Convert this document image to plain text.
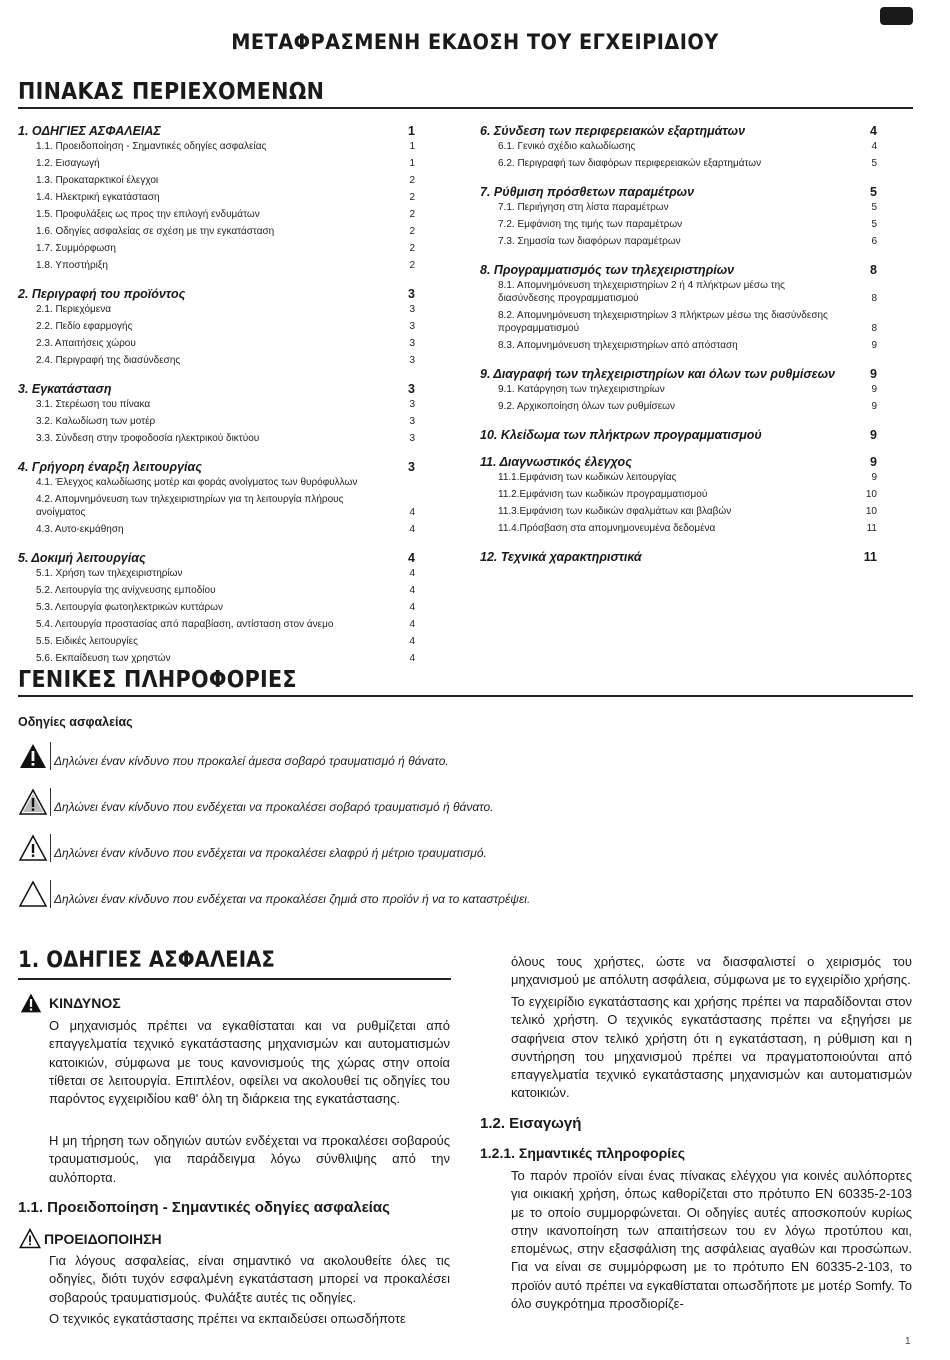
ΜΕΤΑΦΡΑΣΜΕΝΗ ΕΚΔΟΣΗ ΤΟΥ ΕΓΧΕΙΡΙΔΙΟΥ
ΠΙΝΑΚΑΣ ΠΕΡΙΕΧΟΜΕΝΩΝ
1. ΟΔΗΓΙΕΣ ΑΣΦΑΛΕΙΑΣ	1
1.1. Προειδοποίηση - Σημαντικές οδηγίες ασφαλείας	1
1.2. Εισαγωγή	1
1.3. Προκαταρκτικοί έλεγχοι	2
1.4. Ηλεκτρική εγκατάσταση	2
1.5. Προφυλάξεις ως προς την επιλογή ενδυμάτων	2
1.6. Οδηγίες ασφαλείας σε σχέση με την εγκατάσταση	2
1.7. Συμμόρφωση	2
1.8. Υποστήριξη	2
2. Περιγραφή του προϊόντος	3
2.1. Περιεχόμενα	3
2.2. Πεδίο εφαρμογής	3
2.3. Απαιτήσεις χώρου	3
2.4. Περιγραφή της διασύνδεσης	3
3. Εγκατάσταση	3
3.1. Στερέωση του πίνακα	3
3.2. Καλωδίωση των μοτέρ	3
3.3. Σύνδεση στην τροφοδοσία ηλεκτρικού δικτύου	3
4. Γρήγορη έναρξη λειτουργίας	3
4.1. Έλεγχος καλωδίωσης μοτέρ και φοράς ανοίγματος των θυρόφυλλων
4.2. Απομνημόνευση των τηλεχειριστηρίων για τη λειτουργία πλήρους ανοίγματος	4
4.3. Αυτο-εκμάθηση	4
5. Δοκιμή λειτουργίας	4
5.1. Χρήση των τηλεχειριστηρίων	4
5.2. Λειτουργία της ανίχνευσης εμποδίου	4
5.3. Λειτουργία φωτοηλεκτρικών κυττάρων	4
5.4. Λειτουργία προστασίας από παραβίαση, αντίσταση στον άνεμο	4
5.5. Ειδικές λειτουργίες	4
5.6. Εκπαίδευση των χρηστών	4
6. Σύνδεση των περιφερειακών εξαρτημάτων	4
6.1. Γενικό σχέδιο καλωδίωσης	4
6.2. Περιγραφή των διαφόρων περιφερειακών εξαρτημάτων	5
7. Ρύθμιση πρόσθετων παραμέτρων	5
7.1. Περιήγηση στη λίστα παραμέτρων	5
7.2. Εμφάνιση της τιμής των παραμέτρων	5
7.3. Σημασία των διαφόρων παραμέτρων	6
8. Προγραμματισμός των τηλεχειριστηρίων	8
8.1. Απομνημόνευση τηλεχειριστηρίων 2 ή 4 πλήκτρων μέσω της διασύνδεσης προγραμματισμού	8
8.2. Απομνημόνευση τηλεχειριστηρίων 3 πλήκτρων μέσω της διασύνδεσης προγραμματισμού	8
8.3. Απομνημόνευση τηλεχειριστηρίων από απόσταση	9
9. Διαγραφή των τηλεχειριστηρίων και όλων των ρυθμίσεων	9
9.1. Κατάργηση των τηλεχειριστηρίων	9
9.2. Αρχικοποίηση όλων των ρυθμίσεων	9
10. Κλείδωμα των πλήκτρων προγραμματισμού	9
11. Διαγνωστικός έλεγχος	9
11.1.Εμφάνιση των κωδικών λειτουργίας	9
11.2.Εμφάνιση των κωδικών προγραμματισμού	10
11.3.Εμφάνιση των κωδικών σφαλμάτων και βλαβών	10
11.4.Πρόσβαση στα απομνημονευμένα δεδομένα	11
12. Τεχνικά χαρακτηριστικά	11
ΓΕΝΙΚΕΣ ΠΛΗΡΟΦΟΡΙΕΣ
Οδηγίες ασφαλείας
Δηλώνει έναν κίνδυνο που προκαλεί άμεσα σοβαρό τραυματισμό ή θάνατο.
Δηλώνει έναν κίνδυνο που ενδέχεται να προκαλέσει σοβαρό τραυματισμό ή θάνατο.
Δηλώνει έναν κίνδυνο που ενδέχεται να προκαλέσει ελαφρύ ή μέτριο τραυματισμό.
Δηλώνει έναν κίνδυνο που ενδέχεται να προκαλέσει ζημιά στο προϊόν ή να το καταστρέψει.
1. ΟΔΗΓΙΕΣ ΑΣΦΑΛΕΙΑΣ
ΚΙΝΔΥΝΟΣ
Ο μηχανισμός πρέπει να εγκαθίσταται και να ρυθμίζεται από επαγγελματία τεχνικό εγκατάστασης μηχανισμών και αυτοματισμών κατοικιών, σύμφωνα με τους κανονισμούς της χώρας στην οποία τίθεται σε λειτουργία. Επιπλέον, οφείλει να ακολουθεί τις οδηγίες του παρόντος εγχειριδίου καθ' όλη τη διάρκεια της εγκατάστασης.
Η μη τήρηση των οδηγιών αυτών ενδέχεται να προκαλέσει σοβαρούς τραυματισμούς, για παράδειγμα λόγω σύνθλιψης από την αυλόπορτα.
1.1. Προειδοποίηση - Σημαντικές οδηγίες ασφαλείας
ΠΡΟΕΙΔΟΠΟΙΗΣΗ
Για λόγους ασφαλείας, είναι σημαντικό να ακολουθείτε όλες τις οδηγίες, διότι τυχόν εσφαλμένη εγκατάσταση μπορεί να προκαλέσει σοβαρούς τραυματισμούς. Φυλάξτε αυτές τις οδηγίες.
Ο τεχνικός εγκατάστασης πρέπει να εκπαιδεύσει οπωσδήποτε
όλους τους χρήστες, ώστε να διασφαλιστεί ο χειρισμός του μηχανισμού με απόλυτη ασφάλεια, σύμφωνα με το εγχειρίδιο χρήσης.
Το εγχειρίδιο εγκατάστασης και χρήσης πρέπει να παραδίδονται στον τελικό χρήστη. Ο τεχνικός εγκατάστασης πρέπει να εξηγήσει με σαφήνεια στον τελικό χρήστη ότι η εγκατάσταση, η ρύθμιση και η συντήρηση του μηχανισμού πρέπει να πραγματοποιούνται από επαγγελματία τεχνικό εγκατάστασης μηχανισμών και αυτοματισμών κατοικιών.
1.2. Εισαγωγή
1.2.1. Σημαντικές πληροφορίες
Το παρόν προϊόν είναι ένας πίνακας ελέγχου για κοινές αυλόπορτες για οικιακή χρήση, όπως καθορίζεται στο πρότυπο EN 60335-2-103 με το οποίο συμμορφώνεται. Οι οδηγίες αυτές αποσκοπούν κυρίως στην ικανοποίηση των απαιτήσεων του εν λόγω προτύπου και, επομένως, στην εξασφάλιση της ασφάλειας αγαθών και προσώπων. Για να είναι σε συμμόρφωση με το πρότυπο EN 60335-2-103, το προϊόν αυτό πρέπει να εγκαθίσταται οπωσδήποτε με μοτέρ Somfy. Το όλο συγκρότημα προσδιορίζε-
1
